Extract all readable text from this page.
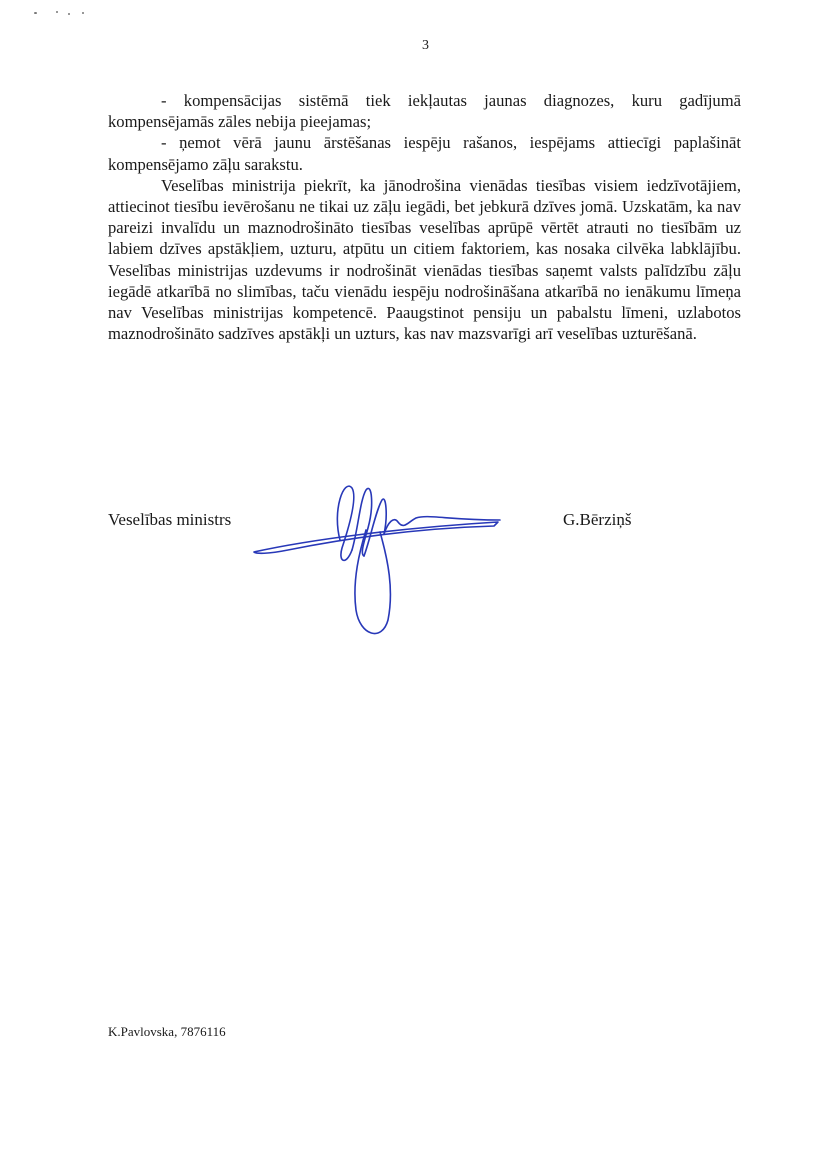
3

- kompensācijas sistēmā tiek iekļautas jaunas diagnozes, kuru gadījumā kompensējamās zāles nebija pieejamas;

- ņemot vērā jaunu ārstēšanas iespēju rašanos, iespējams attiecīgi paplašināt kompensējamo zāļu sarakstu.

Veselības ministrija piekrīt, ka jānodrošina vienādas tiesības visiem iedzīvotājiem, attiecinot tiesību ievērošanu ne tikai uz zāļu iegādi, bet jebkurā dzīves jomā. Uzskatām, ka nav pareizi invalīdu un maznodrošināto tiesības veselības aprūpē vērtēt atrauti no tiesībām uz labiem dzīves apstākļiem, uzturu, atpūtu un citiem faktoriem, kas nosaka cilvēka labklājību. Veselības ministrijas uzdevums ir nodrošināt vienādas tiesības saņemt valsts palīdzību zāļu iegādē atkarībā no slimības, taču vienādu iespēju nodrošināšana atkarībā no ienākumu līmeņa nav Veselības ministrijas kompetencē. Paaugstinot pensiju un pabalstu līmeni, uzlabotos maznodrošināto sadzīves apstākļi un uzturs, kas nav mazsvarīgi arī veselības uzturēšanā.

Veselības ministrs	G.Bērziņš
K.Pavlovska, 7876116
